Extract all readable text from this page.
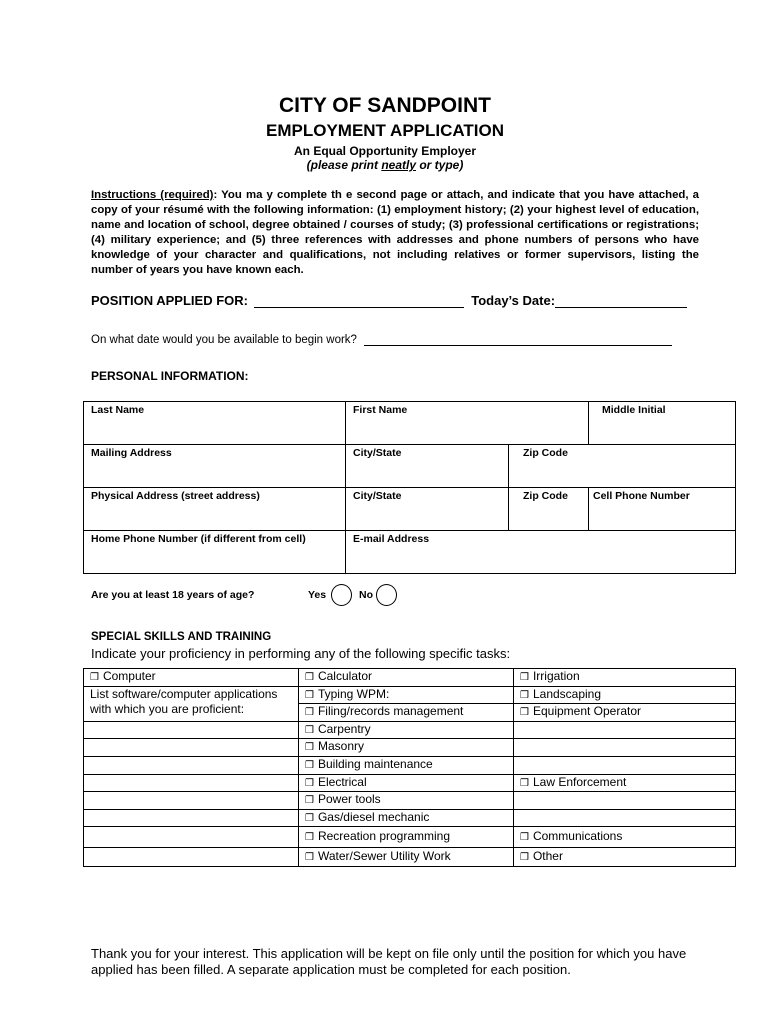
CITY OF SANDPOINT
EMPLOYMENT APPLICATION
An Equal Opportunity Employer
(please print neatly or type)
Instructions (required): You ma y complete th e second page or attach, and indicate that you have attached, a copy of your résumé with the following information: (1) employment history; (2) your highest level of education, name and location of school, degree obtained / courses of study; (3) professional certifications or registrations; (4) military experience; and (5) three references with addresses and phone numbers of persons who have knowledge of your character and qualifications, not including relatives or former supervisors, listing the number of years you have known each.
POSITION APPLIED FOR:	Today’s Date:
On what date would you be available to begin work?
PERSONAL INFORMATION:
Last Name	First Name		Middle Initial
Mailing Address	City/State	Zip Code	
Physical Address (street address)	City/State	Zip Code	Cell Phone Number
Home Phone Number (if different from cell)	E-mail Address		
Are you at least 18 years of age?	Yes	No
SPECIAL SKILLS AND TRAINING
Indicate your proficiency in performing any of the following specific tasks:
❒ Computer	❒ Calculator	❒ Irrigation
List software/computer applications with which you are proficient:	❒ Typing WPM:	❒ Landscaping
	❒ Filing/records management	❒ Equipment Operator
	❒ Carpentry	
	❒ Masonry	
	❒ Building maintenance	
	❒ Electrical	❒ Law Enforcement
	❒ Power tools	
	❒ Gas/diesel mechanic	
	❒ Recreation programming	❒ Communications
	❒ Water/Sewer Utility Work	❒ Other
Thank you for your interest. This application will be kept on file only until the position for which you have applied has been filled. A separate application must be completed for each position.
